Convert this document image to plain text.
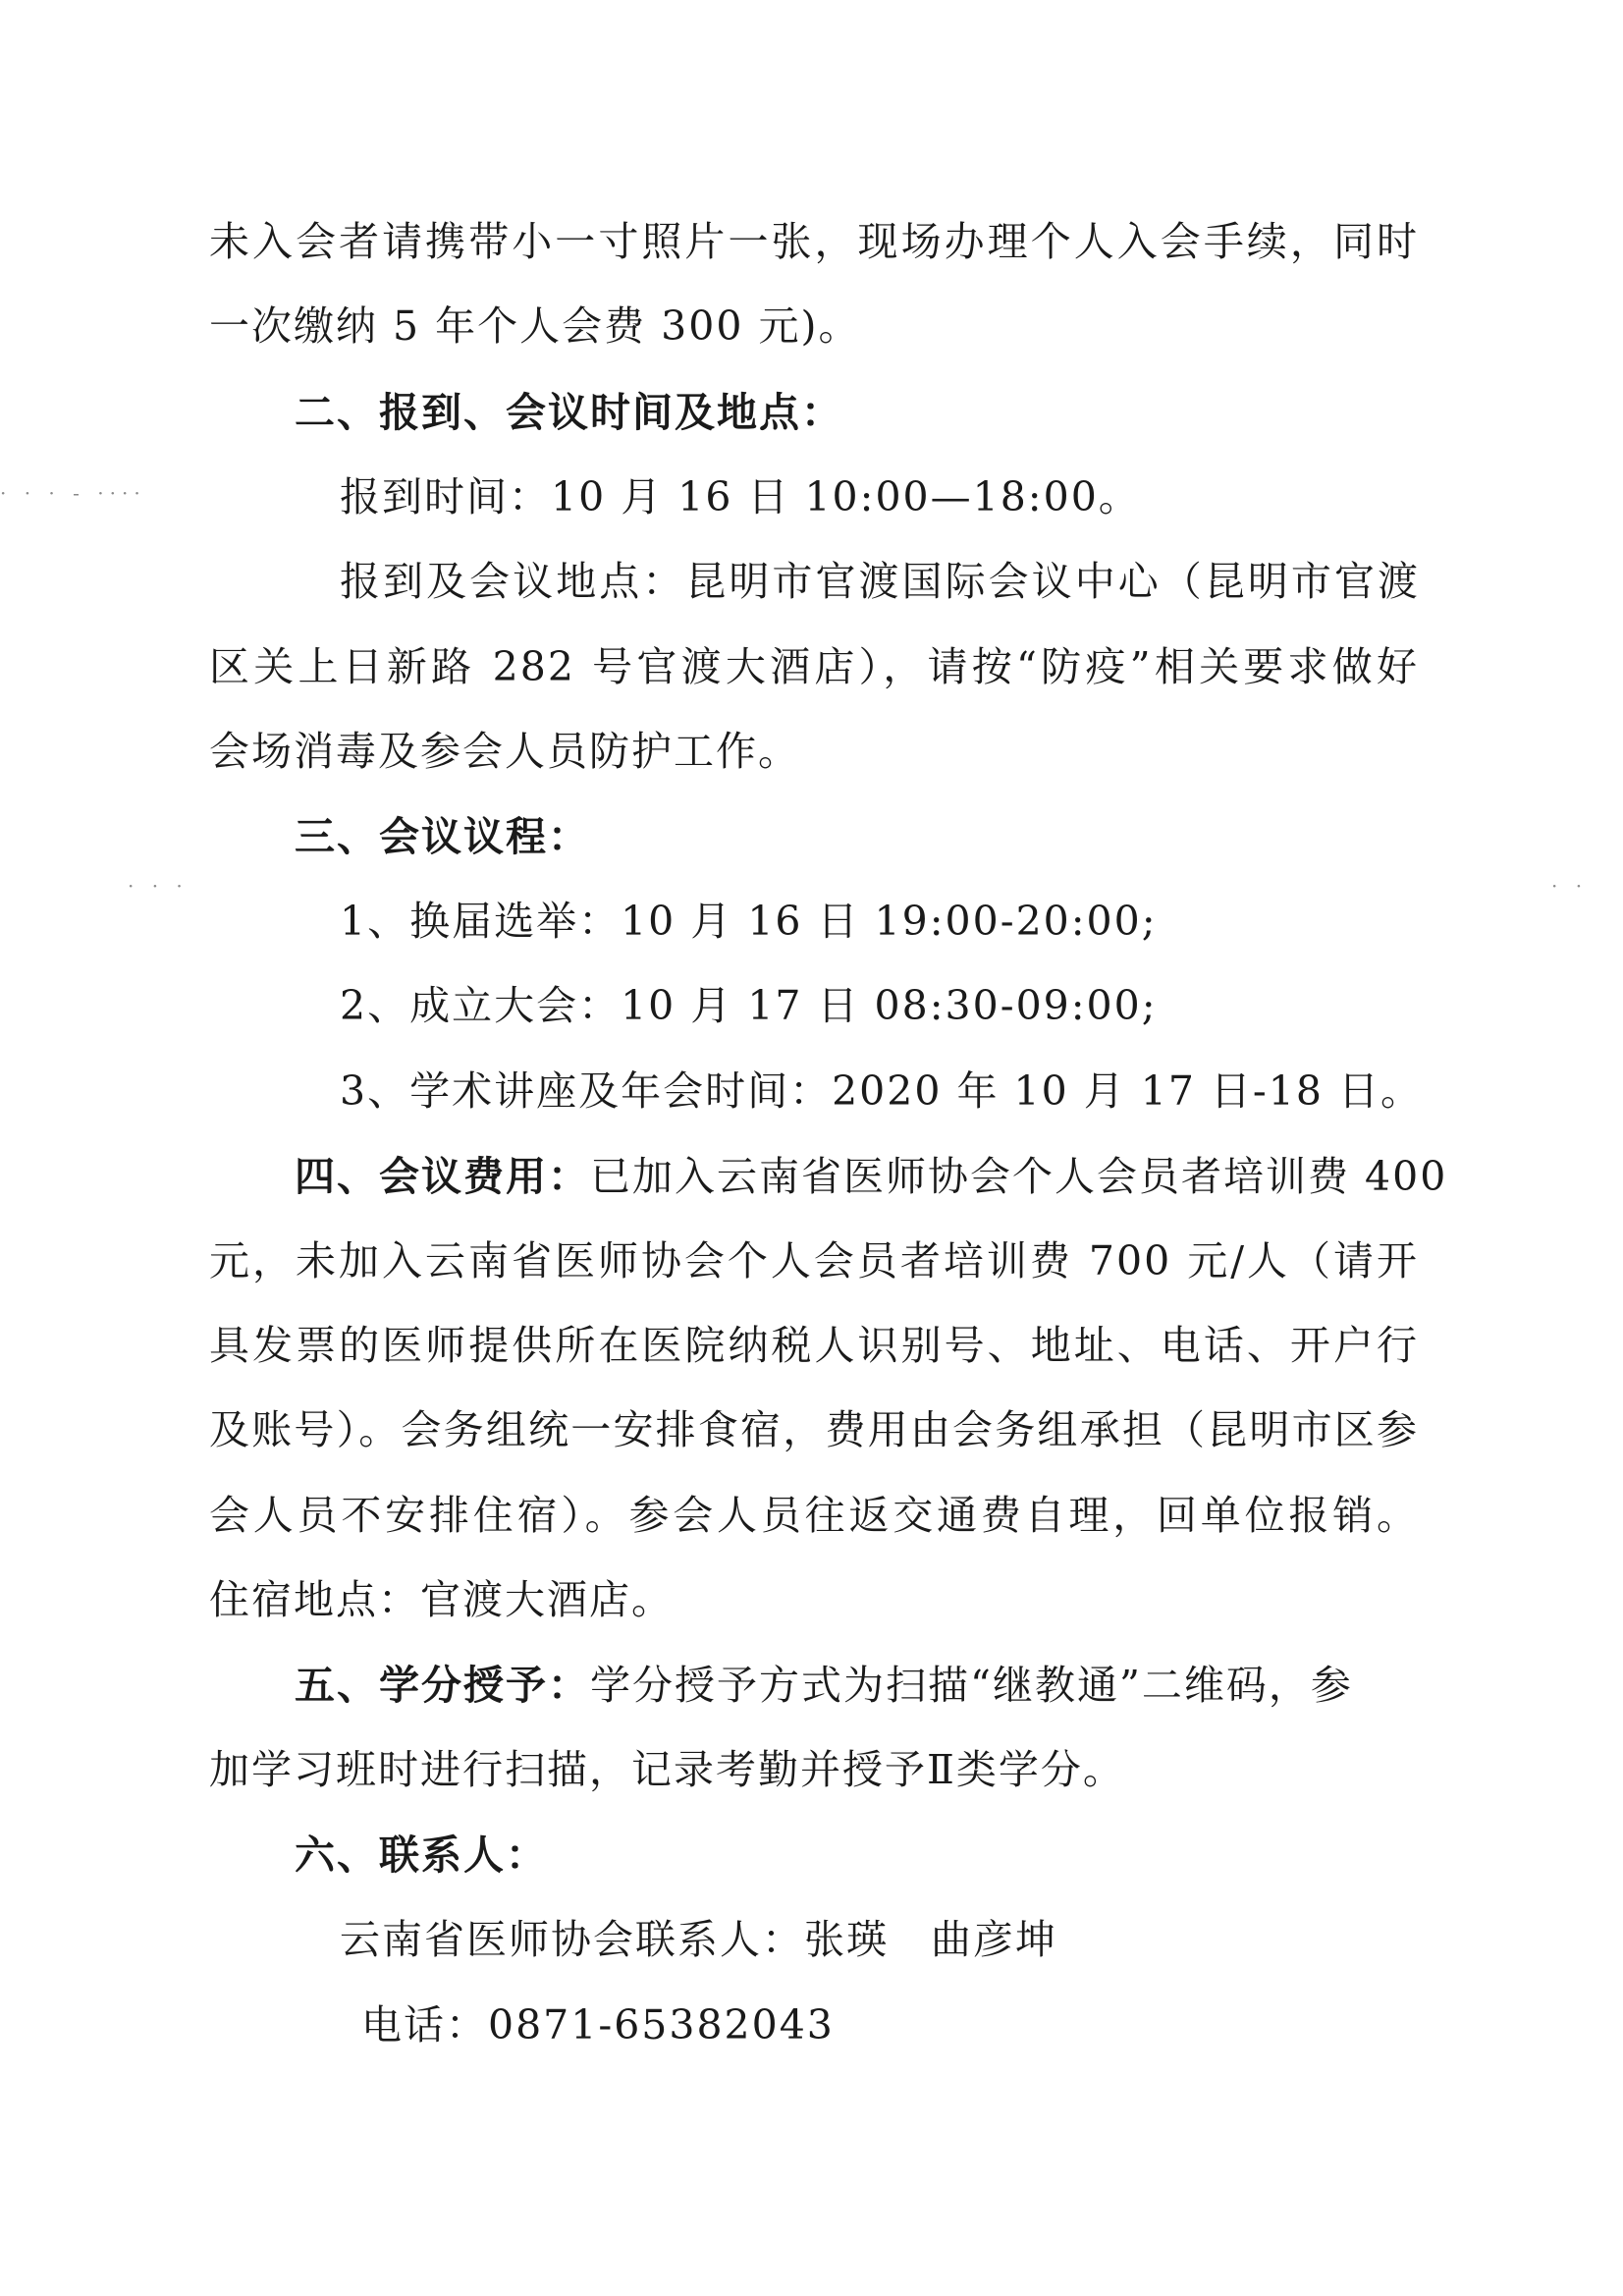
· · · - ····
· · ·	· ·
未入会者请携带小一寸照片一张，现场办理个人入会手续，同时
一次缴纳 5 年个人会费 300 元)。
二、报到、会议时间及地点：
报到时间：10 月 16 日 10:00—18:00。
报到及会议地点：昆明市官渡国际会议中心（昆明市官渡
区关上日新路 282 号官渡大酒店），请按“防疫”相关要求做好
会场消毒及参会人员防护工作。
三、会议议程：
1、换届选举：10 月 16 日 19:00-20:00;
2、成立大会：10 月 17 日 08:30-09:00;
3、学术讲座及年会时间：2020 年 10 月 17 日-18 日。
四、会议费用：已加入云南省医师协会个人会员者培训费 400
元，未加入云南省医师协会个人会员者培训费 700 元/人（请开
具发票的医师提供所在医院纳税人识别号、地址、电话、开户行
及账号）。会务组统一安排食宿，费用由会务组承担（昆明市区参
会人员不安排住宿）。参会人员往返交通费自理，回单位报销。
住宿地点：官渡大酒店。
五、学分授予：学分授予方式为扫描“继教通”二维码，参
加学习班时进行扫描，记录考勤并授予Ⅱ类学分。
六、联系人：
云南省医师协会联系人：张瑛　曲彦坤
电话：0871-65382043
